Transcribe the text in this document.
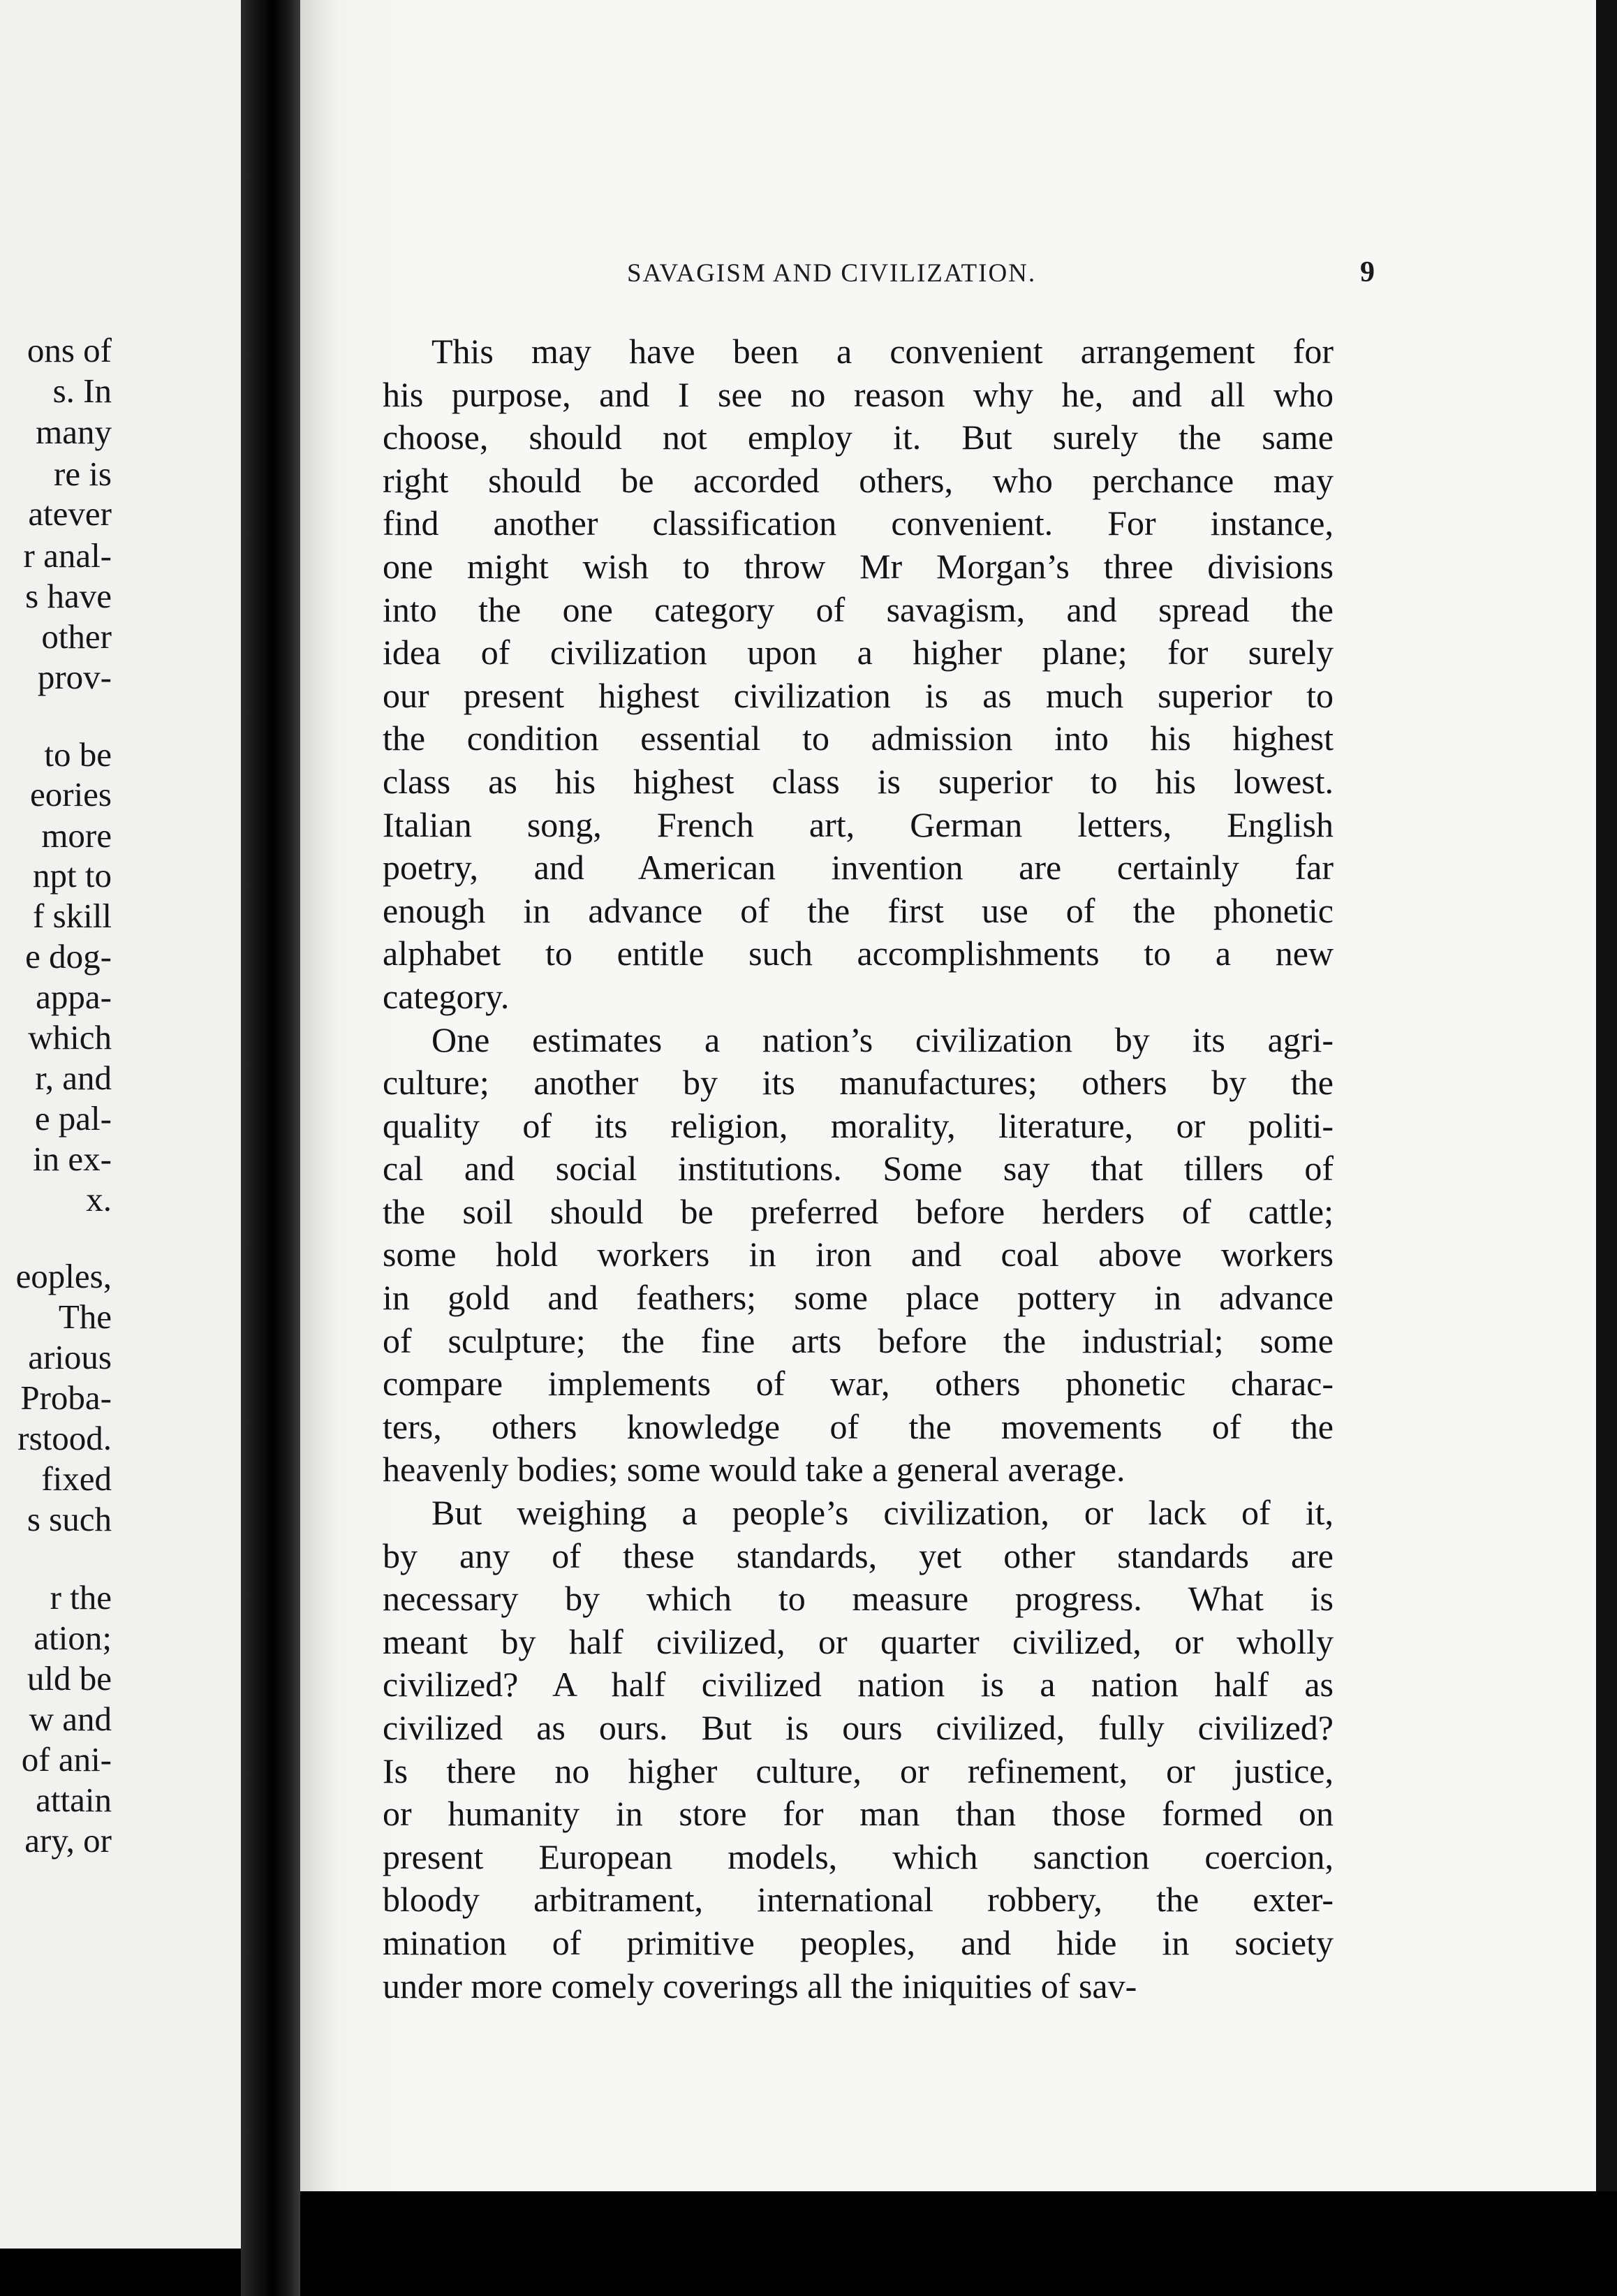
ons of
s. In
many
re is
atever
r anal-
s have
other
prov-
to be
eories
more
npt to
f skill
e dog-
appa-
which
r, and
e pal-
in ex-
x.
eoples,
The
arious
Proba-
rstood.
fixed
s such
r the
ation;
uld be
w and
of ani-
attain
ary, or
SAVAGISM AND CIVILIZATION.	9
This may have been a convenient arrangement for
his purpose, and I see no reason why he, and all who
choose, should not employ it. But surely the same
right should be accorded others, who perchance may
find another classification convenient. For instance,
one might wish to throw Mr Morgan’s three divisions
into the one category of savagism, and spread the
idea of civilization upon a higher plane; for surely
our present highest civilization is as much superior to
the condition essential to admission into his highest
class as his highest class is superior to his lowest.
Italian song, French art, German letters, English
poetry, and American invention are certainly far
enough in advance of the first use of the phonetic
alphabet to entitle such accomplishments to a new
category.
One estimates a nation’s civilization by its agri-
culture; another by its manufactures; others by the
quality of its religion, morality, literature, or politi-
cal and social institutions. Some say that tillers of
the soil should be preferred before herders of cattle;
some hold workers in iron and coal above workers
in gold and feathers; some place pottery in advance
of sculpture; the fine arts before the industrial; some
compare implements of war, others phonetic charac-
ters, others knowledge of the movements of the
heavenly bodies; some would take a general average.
But weighing a people’s civilization, or lack of it,
by any of these standards, yet other standards are
necessary by which to measure progress. What is
meant by half civilized, or quarter civilized, or wholly
civilized? A half civilized nation is a nation half as
civilized as ours. But is ours civilized, fully civilized?
Is there no higher culture, or refinement, or justice,
or humanity in store for man than those formed on
present European models, which sanction coercion,
bloody arbitrament, international robbery, the exter-
mination of primitive peoples, and hide in society
under more comely coverings all the iniquities of sav-
